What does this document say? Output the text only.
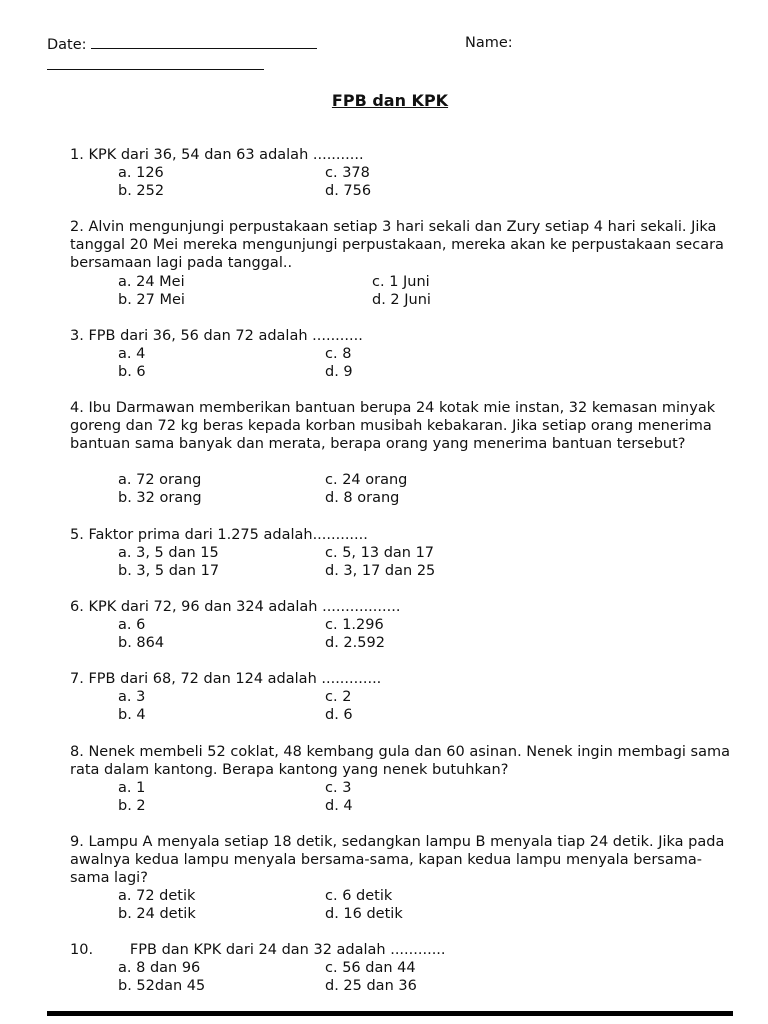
Date:	Name:
FPB dan KPK
1. KPK dari 36, 54 dan 63 adalah ...........
a. 126	c. 378
b. 252	d. 756
2. Alvin mengunjungi perpustakaan setiap 3 hari sekali dan Zury setiap 4 hari sekali. Jika tanggal 20 Mei mereka mengunjungi perpustakaan, mereka akan ke perpustakaan secara bersamaan lagi pada tanggal..
a. 24 Mei	c. 1 Juni
b. 27 Mei	d. 2 Juni
3. FPB dari 36, 56 dan 72 adalah ...........
a. 4	c. 8
b. 6	d. 9
4. Ibu Darmawan memberikan bantuan berupa 24 kotak mie instan, 32 kemasan minyak goreng dan 72 kg beras kepada korban musibah kebakaran. Jika setiap orang menerima bantuan sama banyak dan merata, berapa orang yang menerima bantuan tersebut?
a. 72 orang	c. 24 orang
b. 32 orang	d. 8 orang
5. Faktor prima dari 1.275 adalah............
a. 3, 5 dan 15	c. 5, 13 dan 17
b. 3, 5 dan 17	d. 3, 17 dan 25
6. KPK dari 72, 96 dan 324 adalah .................
a. 6	c. 1.296
b. 864	d. 2.592
7. FPB dari 68, 72 dan 124 adalah .............
a. 3	c. 2
b. 4	d. 6
8. Nenek membeli 52 coklat, 48 kembang gula dan 60 asinan. Nenek ingin membagi sama rata dalam kantong. Berapa kantong yang nenek butuhkan?
a. 1	c. 3
b. 2	d. 4
9. Lampu A menyala setiap 18 detik, sedangkan lampu B menyala tiap 24 detik. Jika pada awalnya kedua lampu menyala bersama-sama, kapan kedua lampu menyala bersama-sama lagi?
a. 72 detik	c. 6 detik
b. 24 detik	d. 16 detik
10.        FPB dan KPK dari 24 dan 32 adalah ............
a. 8 dan 96	c. 56 dan 44
b. 52dan 45	d. 25 dan 36
